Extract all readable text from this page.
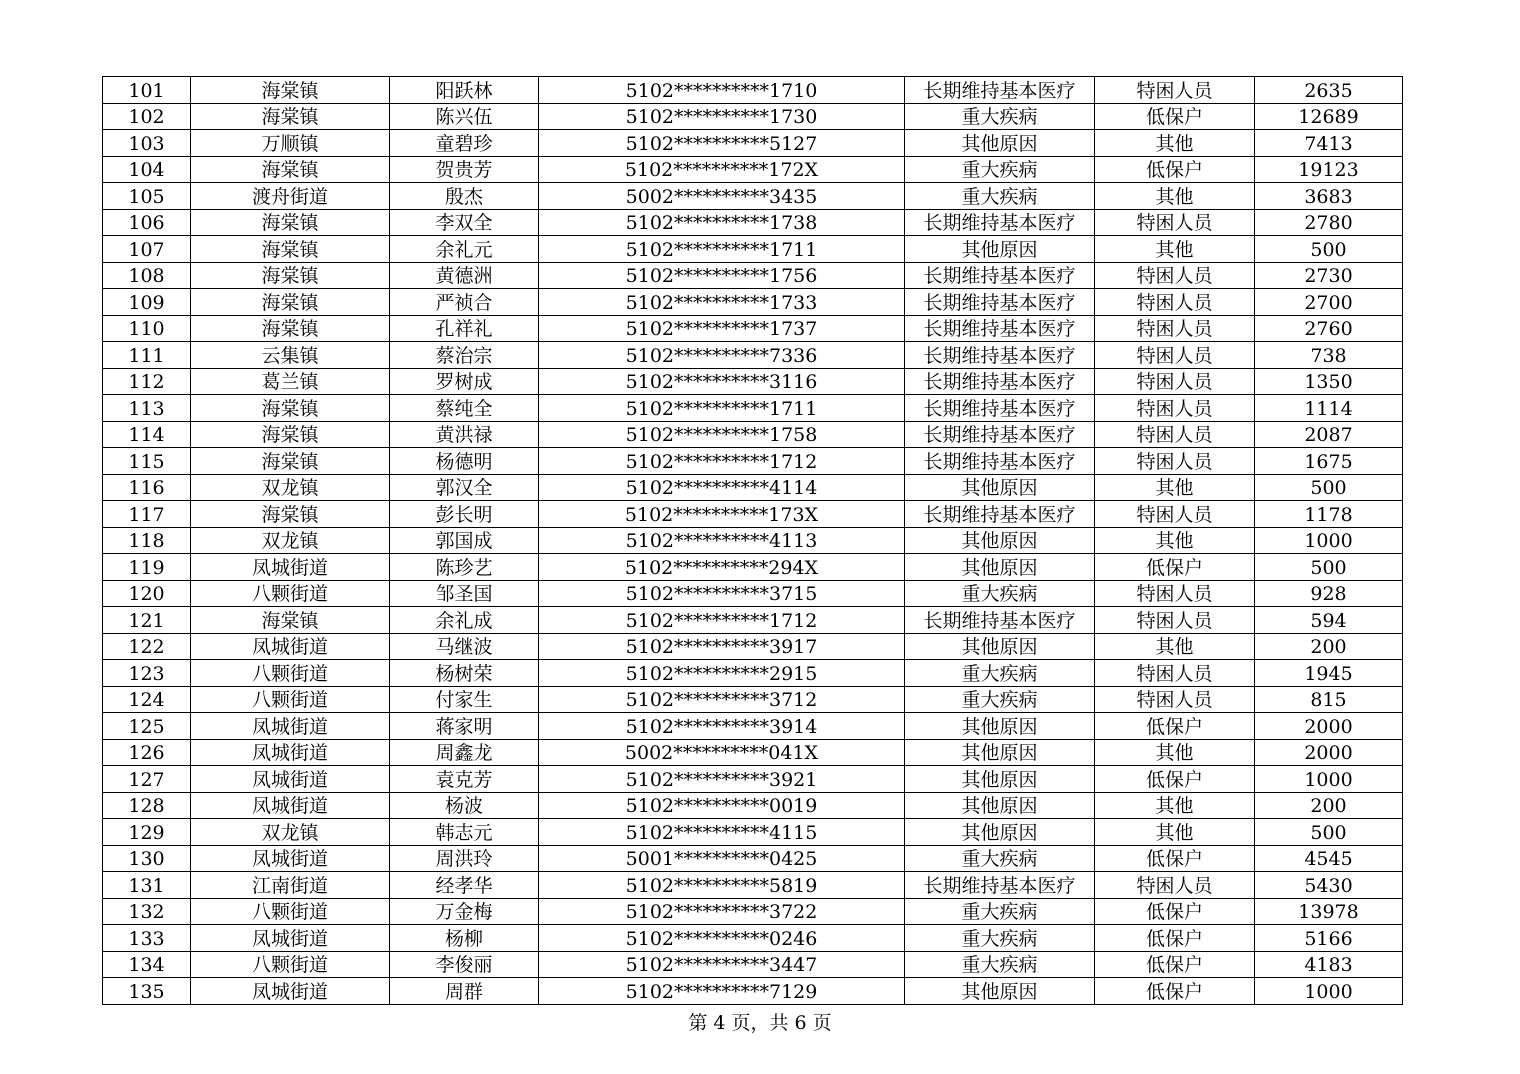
101	海棠镇	阳跃林	5102**********1710	长期维持基本医疗	特困人员	2635
102	海棠镇	陈兴伍	5102**********1730	重大疾病	低保户	12689
103	万顺镇	童碧珍	5102**********5127	其他原因	其他	7413
104	海棠镇	贺贵芳	5102**********172X	重大疾病	低保户	19123
105	渡舟街道	殷杰	5002**********3435	重大疾病	其他	3683
106	海棠镇	李双全	5102**********1738	长期维持基本医疗	特困人员	2780
107	海棠镇	余礼元	5102**********1711	其他原因	其他	500
108	海棠镇	黄德洲	5102**********1756	长期维持基本医疗	特困人员	2730
109	海棠镇	严祯合	5102**********1733	长期维持基本医疗	特困人员	2700
110	海棠镇	孔祥礼	5102**********1737	长期维持基本医疗	特困人员	2760
111	云集镇	蔡治宗	5102**********7336	长期维持基本医疗	特困人员	738
112	葛兰镇	罗树成	5102**********3116	长期维持基本医疗	特困人员	1350
113	海棠镇	蔡纯全	5102**********1711	长期维持基本医疗	特困人员	1114
114	海棠镇	黄洪禄	5102**********1758	长期维持基本医疗	特困人员	2087
115	海棠镇	杨德明	5102**********1712	长期维持基本医疗	特困人员	1675
116	双龙镇	郭汉全	5102**********4114	其他原因	其他	500
117	海棠镇	彭长明	5102**********173X	长期维持基本医疗	特困人员	1178
118	双龙镇	郭国成	5102**********4113	其他原因	其他	1000
119	凤城街道	陈珍艺	5102**********294X	其他原因	低保户	500
120	八颗街道	邹圣国	5102**********3715	重大疾病	特困人员	928
121	海棠镇	余礼成	5102**********1712	长期维持基本医疗	特困人员	594
122	凤城街道	马继波	5102**********3917	其他原因	其他	200
123	八颗街道	杨树荣	5102**********2915	重大疾病	特困人员	1945
124	八颗街道	付家生	5102**********3712	重大疾病	特困人员	815
125	凤城街道	蒋家明	5102**********3914	其他原因	低保户	2000
126	凤城街道	周鑫龙	5002**********041X	其他原因	其他	2000
127	凤城街道	袁克芳	5102**********3921	其他原因	低保户	1000
128	凤城街道	杨波	5102**********0019	其他原因	其他	200
129	双龙镇	韩志元	5102**********4115	其他原因	其他	500
130	凤城街道	周洪玲	5001**********0425	重大疾病	低保户	4545
131	江南街道	经孝华	5102**********5819	长期维持基本医疗	特困人员	5430
132	八颗街道	万金梅	5102**********3722	重大疾病	低保户	13978
133	凤城街道	杨柳	5102**********0246	重大疾病	低保户	5166
134	八颗街道	李俊丽	5102**********3447	重大疾病	低保户	4183
135	凤城街道	周群	5102**********7129	其他原因	低保户	1000
第 4 页，共 6 页
